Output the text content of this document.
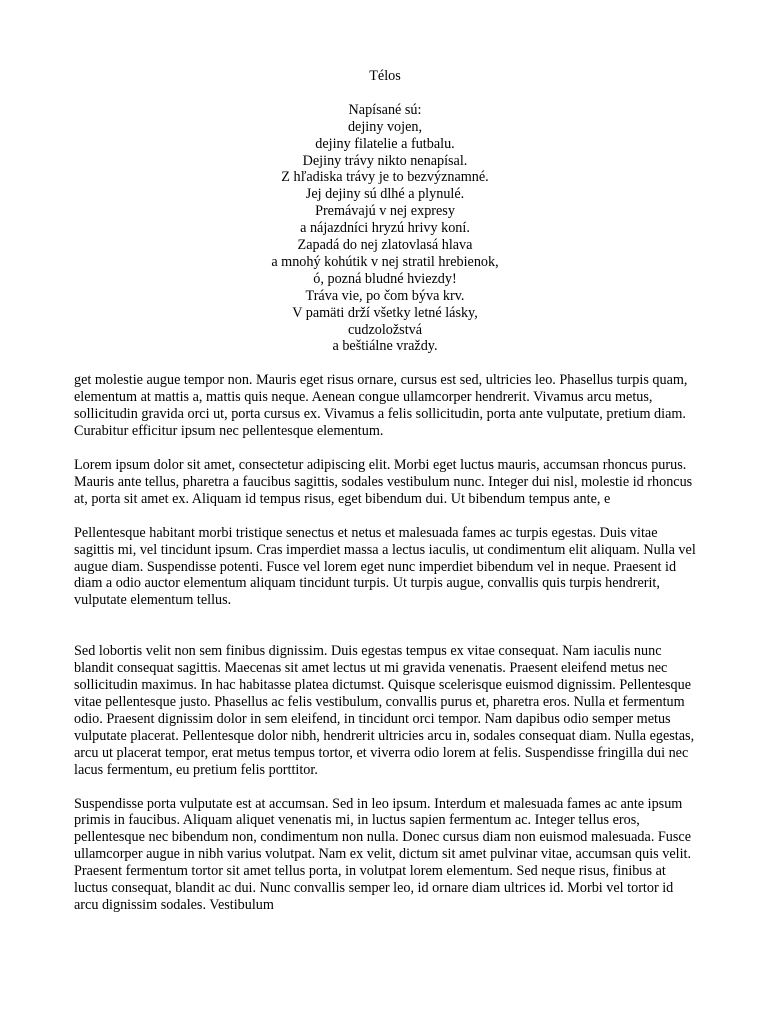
Télos
Napísané sú:
dejiny vojen,
dejiny filatelie a futbalu.
Dejiny trávy nikto nenapísal.
Z hľadiska trávy je to bezvýznamné.
Jej dejiny sú dlhé a plynulé.
Premávajú v nej expresy
a nájazdníci hryzú hrivy koní.
Zapadá do nej zlatovlasá hlava
a mnohý kohútik v nej stratil hrebienok,
ó, pozná bludné hviezdy!
Tráva vie, po čom býva krv.
V pamäti drží všetky letné lásky,
cudzoložstvá
a beštiálne vraždy.

get molestie augue tempor non. Mauris eget risus ornare, cursus est sed, ultricies leo. Phasellus turpis quam, elementum at mattis a, mattis quis neque. Aenean congue ullamcorper hendrerit. Vivamus arcu metus, sollicitudin gravida orci ut, porta cursus ex. Vivamus a felis sollicitudin, porta ante vulputate, pretium diam. Curabitur efficitur ipsum nec pellentesque elementum.

Lorem ipsum dolor sit amet, consectetur adipiscing elit. Morbi eget luctus mauris, accumsan rhoncus purus. Mauris ante tellus, pharetra a faucibus sagittis, sodales vestibulum nunc. Integer dui nisl, molestie id rhoncus at, porta sit amet ex. Aliquam id tempus risus, eget bibendum dui. Ut bibendum tempus ante, e

Pellentesque habitant morbi tristique senectus et netus et malesuada fames ac turpis egestas. Duis vitae sagittis mi, vel tincidunt ipsum. Cras imperdiet massa a lectus iaculis, ut condimentum elit aliquam. Nulla vel augue diam. Suspendisse potenti. Fusce vel lorem eget nunc imperdiet bibendum vel in neque. Praesent id diam a odio auctor elementum aliquam tincidunt turpis. Ut turpis augue, convallis quis turpis hendrerit, vulputate elementum tellus.

Sed lobortis velit non sem finibus dignissim. Duis egestas tempus ex vitae consequat. Nam iaculis nunc blandit consequat sagittis. Maecenas sit amet lectus ut mi gravida venenatis. Praesent eleifend metus nec sollicitudin maximus. In hac habitasse platea dictumst. Quisque scelerisque euismod dignissim. Pellentesque vitae pellentesque justo. Phasellus ac felis vestibulum, convallis purus et, pharetra eros. Nulla et fermentum odio. Praesent dignissim dolor in sem eleifend, in tincidunt orci tempor. Nam dapibus odio semper metus vulputate placerat. Pellentesque dolor nibh, hendrerit ultricies arcu in, sodales consequat diam. Nulla egestas, arcu ut placerat tempor, erat metus tempus tortor, et viverra odio lorem at felis. Suspendisse fringilla dui nec lacus fermentum, eu pretium felis porttitor.

Suspendisse porta vulputate est at accumsan. Sed in leo ipsum. Interdum et malesuada fames ac ante ipsum primis in faucibus. Aliquam aliquet venenatis mi, in luctus sapien fermentum ac. Integer tellus eros, pellentesque nec bibendum non, condimentum non nulla. Donec cursus diam non euismod malesuada. Fusce ullamcorper augue in nibh varius volutpat. Nam ex velit, dictum sit amet pulvinar vitae, accumsan quis velit. Praesent fermentum tortor sit amet tellus porta, in volutpat lorem elementum. Sed neque risus, finibus at luctus consequat, blandit ac dui. Nunc convallis semper leo, id ornare diam ultrices id. Morbi vel tortor id arcu dignissim sodales. Vestibulum
